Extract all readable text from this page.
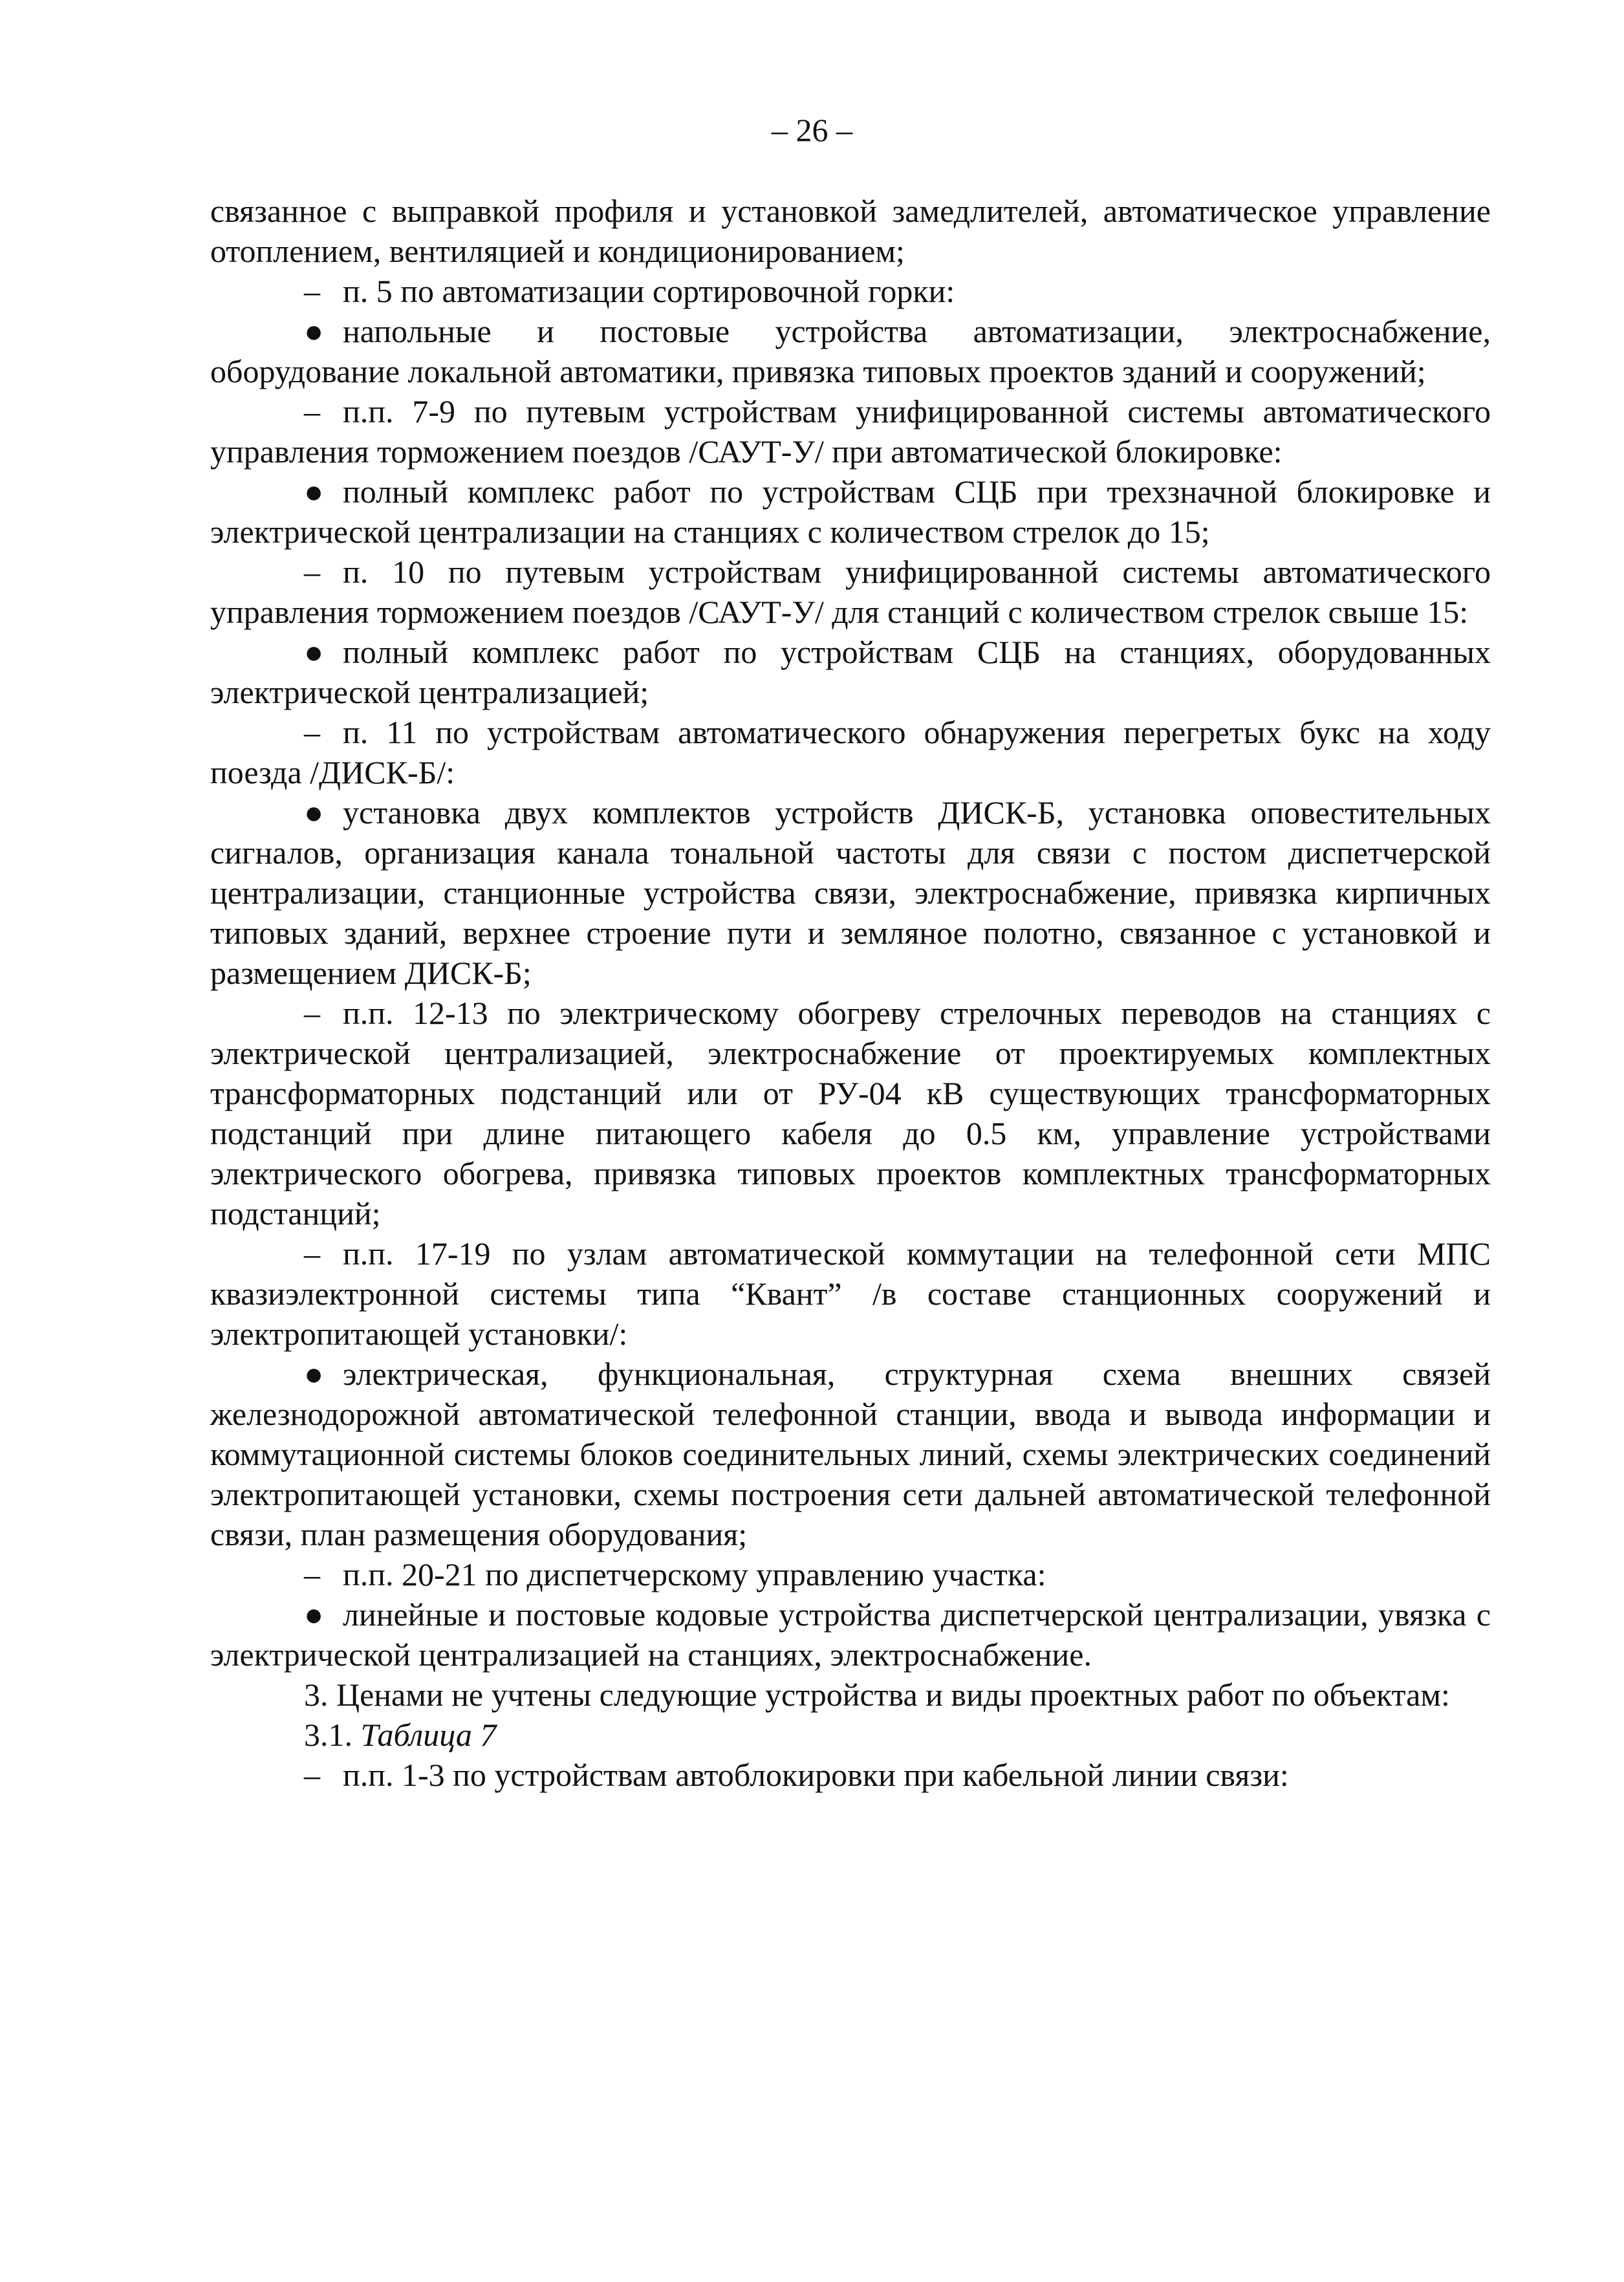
– 26 –

связанное с выправкой профиля и установкой замедлителей, автоматическое управление отоплением, вентиляцией и кондиционированием;

– п. 5 по автоматизации сортировочной горки:

● напольные и постовые устройства автоматизации, электроснабжение, оборудование локальной автоматики, привязка типовых проектов зданий и сооружений;

– п.п. 7-9 по путевым устройствам унифицированной системы автоматического управления торможением поездов /САУТ-У/ при автоматической блокировке:

● полный комплекс работ по устройствам СЦБ при трехзначной блокировке и электрической централизации на станциях с количеством стрелок до 15;

– п. 10 по путевым устройствам унифицированной системы автоматического управления торможением поездов /САУТ-У/ для станций с количеством стрелок свыше 15:

● полный комплекс работ по устройствам СЦБ на станциях, оборудованных электрической централизацией;

– п. 11 по устройствам автоматического обнаружения перегретых букс на ходу поезда /ДИСК-Б/:

● установка двух комплектов устройств ДИСК-Б, установка оповестительных сигналов, организация канала тональной частоты для связи с постом диспетчерской централизации, станционные устройства связи, электроснабжение, привязка кирпичных типовых зданий, верхнее строение пути и земляное полотно, связанное с установкой и размещением ДИСК-Б;

– п.п. 12-13 по электрическому обогреву стрелочных переводов на станциях с электрической централизацией, электроснабжение от проектируемых комплектных трансформаторных подстанций или от РУ-04 кВ существующих трансформаторных подстанций при длине питающего кабеля до 0.5 км, управление устройствами электрического обогрева, привязка типовых проектов комплектных трансформаторных подстанций;

– п.п. 17-19 по узлам автоматической коммутации на телефонной сети МПС квазиэлектронной системы типа “Квант” /в составе станционных сооружений и электропитающей установки/:

● электрическая, функциональная, структурная схема внешних связей железнодорожной автоматической телефонной станции, ввода и вывода информации и коммутационной системы блоков соединительных линий, схемы электрических соединений электропитающей установки, схемы построения сети дальней автоматической телефонной связи, план размещения оборудования;

– п.п. 20-21 по диспетчерскому управлению участка:

● линейные и постовые кодовые устройства диспетчерской централизации, увязка с электрической централизацией на станциях, электроснабжение.

3. Ценами не учтены следующие устройства и виды проектных работ по объектам:

3.1. Таблица 7

– п.п. 1-3 по устройствам автоблокировки при кабельной линии связи:
